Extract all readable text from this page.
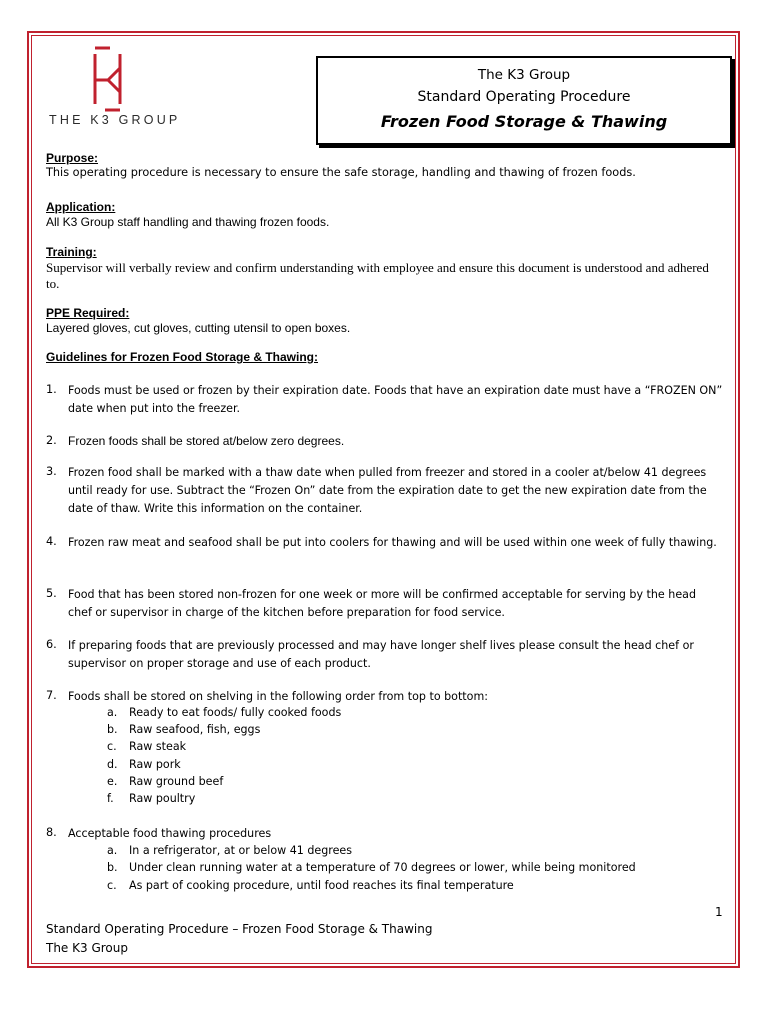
THE K3 GROUP
The K3 Group
Standard Operating Procedure
Frozen Food Storage & Thawing
Purpose:
This operating procedure is necessary to ensure the safe storage, handling and thawing of frozen foods.
Application:
All K3 Group staff handling and thawing frozen foods.
Training:
Supervisor will verbally review and confirm understanding with employee and ensure this document is understood and adhered to.
PPE Required:
Layered gloves, cut gloves, cutting utensil to open boxes.
Guidelines for Frozen Food Storage & Thawing:
1. Foods must be used or frozen by their expiration date. Foods that have an expiration date must have a “FROZEN ON” date when put into the freezer.
2. Frozen foods shall be stored at/below zero degrees.
3. Frozen food shall be marked with a thaw date when pulled from freezer and stored in a cooler at/below 41 degrees until ready for use. Subtract the “Frozen On” date from the expiration date to get the new expiration date from the date of thaw. Write this information on the container.
4. Frozen raw meat and seafood shall be put into coolers for thawing and will be used within one week of fully thawing.
5. Food that has been stored non-frozen for one week or more will be confirmed acceptable for serving by the head chef or supervisor in charge of the kitchen before preparation for food service.
6. If preparing foods that are previously processed and may have longer shelf lives please consult the head chef or supervisor on proper storage and use of each product.
7. Foods shall be stored on shelving in the following order from top to bottom:
a. Ready to eat foods/ fully cooked foods
b. Raw seafood, fish, eggs
c. Raw steak
d. Raw pork
e. Raw ground beef
f. Raw poultry
8. Acceptable food thawing procedures
a. In a refrigerator, at or below 41 degrees
b. Under clean running water at a temperature of 70 degrees or lower, while being monitored
c. As part of cooking procedure, until food reaches its final temperature
1
Standard Operating Procedure – Frozen Food Storage & Thawing
The K3 Group
